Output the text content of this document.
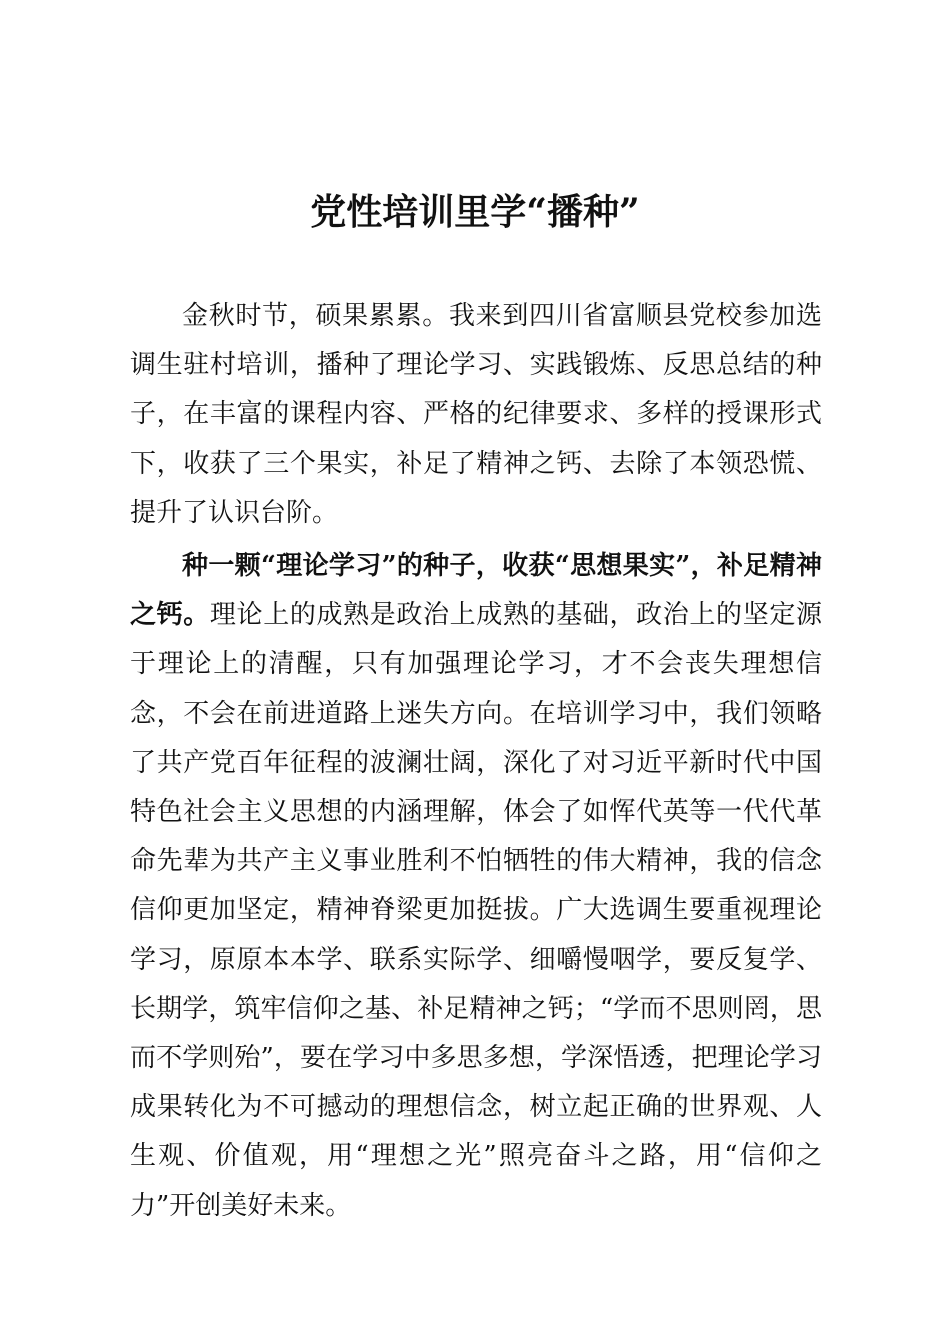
党性培训里学“播种”

金秋时节，硕果累累。我来到四川省富顺县党校参加选调生驻村培训，播种了理论学习、实践锻炼、反思总结的种子，在丰富的课程内容、严格的纪律要求、多样的授课形式下，收获了三个果实，补足了精神之钙、去除了本领恐慌、提升了认识台阶。

种一颗“理论学习”的种子，收获“思想果实”，补足精神之钙。理论上的成熟是政治上成熟的基础，政治上的坚定源于理论上的清醒，只有加强理论学习，才不会丧失理想信念，不会在前进道路上迷失方向。在培训学习中，我们领略了共产党百年征程的波澜壮阔，深化了对习近平新时代中国特色社会主义思想的内涵理解，体会了如恽代英等一代代革命先辈为共产主义事业胜利不怕牺牲的伟大精神，我的信念信仰更加坚定，精神脊梁更加挺拔。广大选调生要重视理论学习，原原本本学、联系实际学、细嚼慢咽学，要反复学、长期学，筑牢信仰之基、补足精神之钙；“学而不思则罔，思而不学则殆”，要在学习中多思多想，学深悟透，把理论学习成果转化为不可撼动的理想信念，树立起正确的世界观、人生观、价值观，用“理想之光”照亮奋斗之路，用“信仰之力”开创美好未来。
